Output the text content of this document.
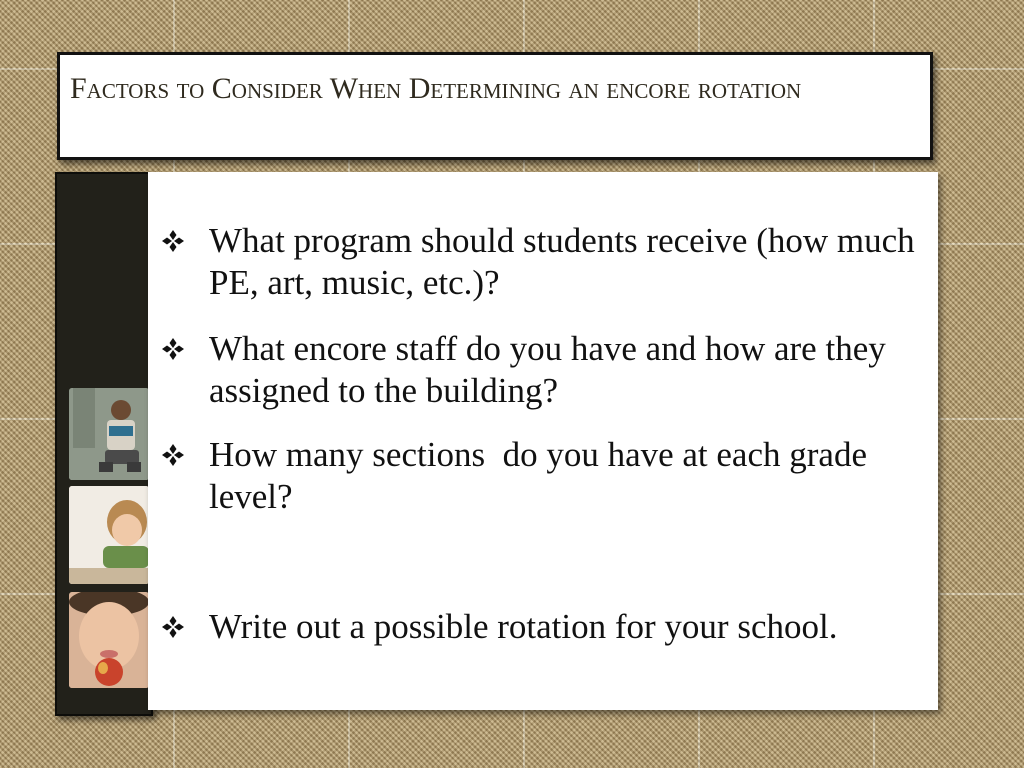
Factors to Consider When Determining an encore rotation
What program should students receive (how much PE, art, music, etc.)?
What encore staff do you have and how are they assigned to the building?
How many sections  do you have at each grade level?
Write out a possible rotation for your school.
